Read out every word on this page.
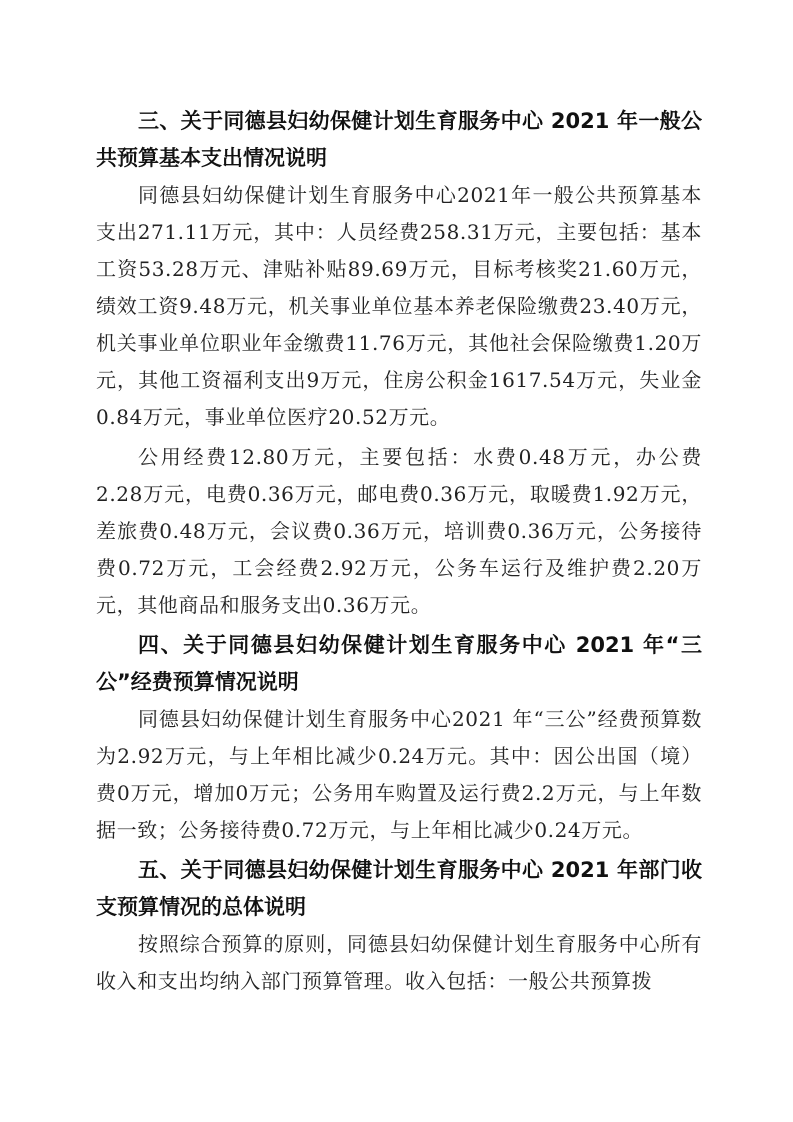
三、关于同德县妇幼保健计划生育服务中心 2021 年一般公共预算基本支出情况说明

同德县妇幼保健计划生育服务中心2021年一般公共预算基本支出271.11万元，其中：人员经费258.31万元，主要包括：基本工资53.28万元、津贴补贴89.69万元，目标考核奖21.60万元，绩效工资9.48万元，机关事业单位基本养老保险缴费23.40万元，机关事业单位职业年金缴费11.76万元，其他社会保险缴费1.20万元，其他工资福利支出9万元，住房公积金1617.54万元，失业金0.84万元，事业单位医疗20.52万元。

公用经费12.80万元，主要包括：水费0.48万元，办公费2.28万元，电费0.36万元，邮电费0.36万元，取暖费1.92万元，差旅费0.48万元，会议费0.36万元，培训费0.36万元，公务接待费0.72万元，工会经费2.92万元，公务车运行及维护费2.20万元，其他商品和服务支出0.36万元。

四、关于同德县妇幼保健计划生育服务中心 2021 年“三公”经费预算情况说明

同德县妇幼保健计划生育服务中心2021 年“三公”经费预算数为2.92万元，与上年相比减少0.24万元。其中：因公出国（境）费0万元，增加0万元；公务用车购置及运行费2.2万元，与上年数据一致；公务接待费0.72万元，与上年相比减少0.24万元。

五、关于同德县妇幼保健计划生育服务中心 2021 年部门收支预算情况的总体说明

按照综合预算的原则，同德县妇幼保健计划生育服务中心所有收入和支出均纳入部门预算管理。收入包括：一般公共预算拨
